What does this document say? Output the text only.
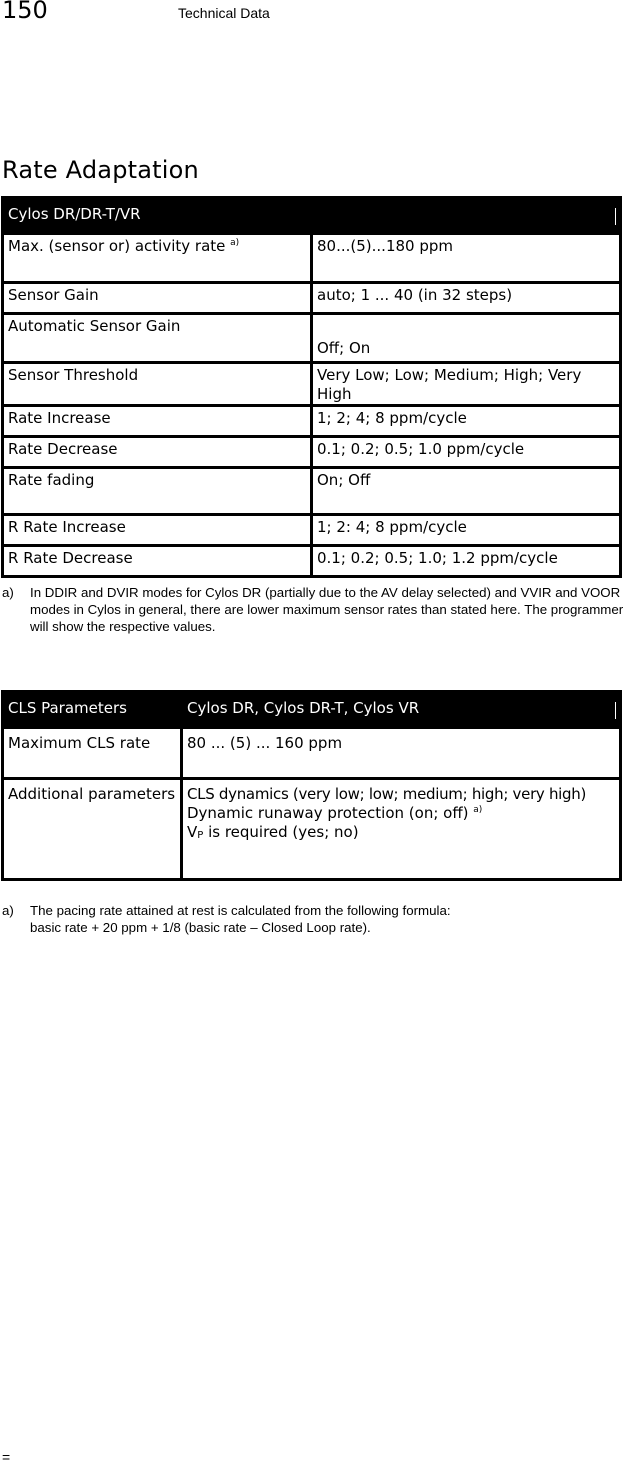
150	Technical Data
Rate Adaptation
Cylos DR/DR-T/VR	

Max. (sensor or) activity rate $^{a)}$	80...(5)...180 ppm
Sensor Gain	auto; 1 ... 40 (in 32 steps)
Automatic Sensor Gain	Off; On
Sensor Threshold	Very Low; Low; Medium; High; Very High
Rate Increase	1; 2; 4; 8 ppm/cycle
Rate Decrease	0.1; 0.2; 0.5; 1.0 ppm/cycle
Rate fading	On; Off
R Rate Increase	1; 2: 4; 8 ppm/cycle
R Rate Decrease	0.1; 0.2; 0.5; 1.0; 1.2 ppm/cycle
a) In DDIR and DVIR modes for Cylos DR (partially due to the AV delay selected) and VVIR and VOOR modes in Cylos in general, there are lower maximum sensor rates than stated here. The programmer will show the respective values.
CLS Parameters	Cylos DR, Cylos DR-T, Cylos VR

Maximum CLS rate	80 ... (5) ... 160 ppm
Additional parameters	CLS dynamics (very low; low; medium; high; very high)
Dynamic runaway protection (on; off) $^{a)}$
$V_P$ is required (yes; no)
a) The pacing rate attained at rest is calculated from the following formula:
basic rate + 20 ppm + 1/8 (basic rate – Closed Loop rate).
=
